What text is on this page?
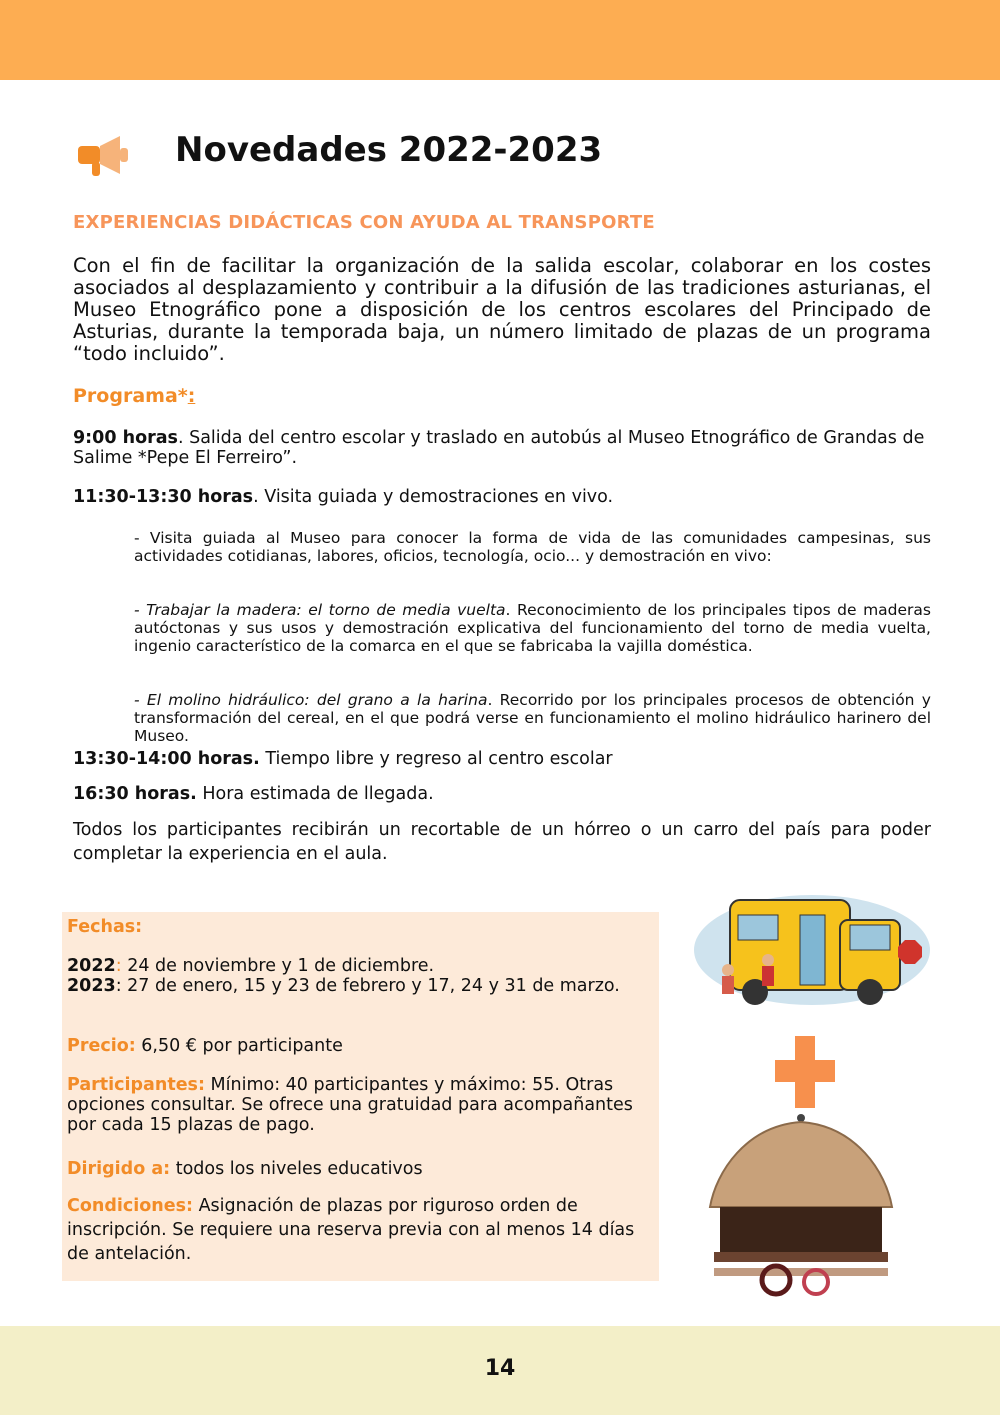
Novedades 2022-2023
EXPERIENCIAS DIDÁCTICAS CON AYUDA AL TRANSPORTE
Con el fin de facilitar la organización de la salida escolar, colaborar en los costes asociados al desplazamiento y contribuir a la difusión de las tradiciones asturianas, el Museo Etnográfico pone a disposición de los centros escolares del Principado de Asturias, durante la temporada baja, un número limitado de plazas de un programa “todo incluido”.
Programa*:
9:00 horas. Salida del centro escolar y traslado en autobús al Museo Etnográfico de Grandas de Salime *Pepe El Ferreiro”.
11:30-13:30 horas. Visita guiada y demostraciones en vivo.
- Visita guiada al Museo para conocer la forma de vida de las comunidades campesinas, sus actividades cotidianas, labores, oficios, tecnología, ocio... y demostración en vivo:
- Trabajar la madera: el torno de media vuelta. Reconocimiento de los principales tipos de maderas autóctonas y sus usos y demostración explicativa del funcionamiento del torno de media vuelta, ingenio característico de la comarca en el que se fabricaba la vajilla doméstica.
- El molino hidráulico: del grano a la harina. Recorrido por los principales procesos de obtención y transformación del cereal, en el que podrá verse en funcionamiento el molino hidráulico harinero del Museo.
13:30-14:00 horas. Tiempo libre y regreso al centro escolar
16:30 horas. Hora estimada de llegada.
Todos los participantes recibirán un recortable de un hórreo o un carro del país para poder completar la experiencia en el aula.
Fechas:
2022: 24 de noviembre y 1 de diciembre.
2023: 27 de enero, 15 y 23 de febrero y 17, 24 y 31 de marzo.
Precio: 6,50 € por participante
Participantes: Mínimo: 40 participantes y máximo: 55. Otras opciones consultar. Se ofrece una gratuidad para acompañantes por cada 15 plazas de pago.
Dirigido a: todos los niveles educativos
Condiciones: Asignación de plazas por riguroso orden de inscripción. Se requiere una reserva previa con al menos 14 días de antelación.
14
